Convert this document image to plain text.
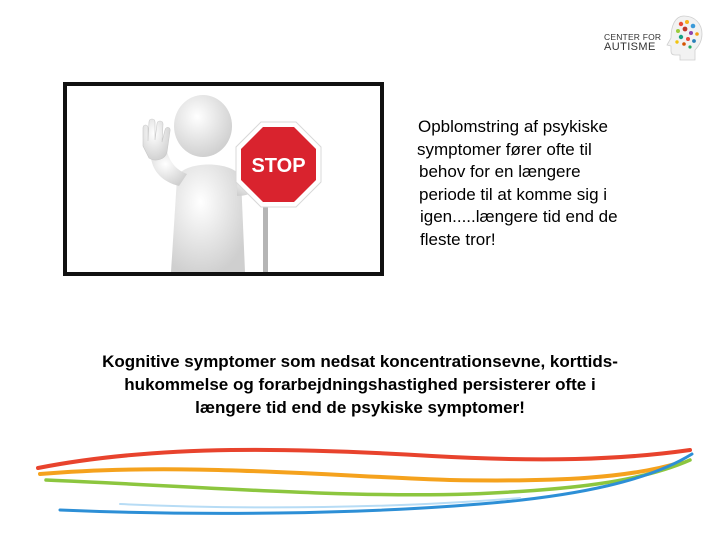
CENTER FOR
AUTISME
STOP
Opblomstring af psykiske
symptomer fører ofte til
behov for en længere
periode til at komme sig i
igen.....længere tid end de
fleste tror!
Kognitive symptomer som nedsat koncentrationsevne, korttids-
hukommelse og forarbejdningshastighed persisterer ofte i
længere tid end de psykiske symptomer!
